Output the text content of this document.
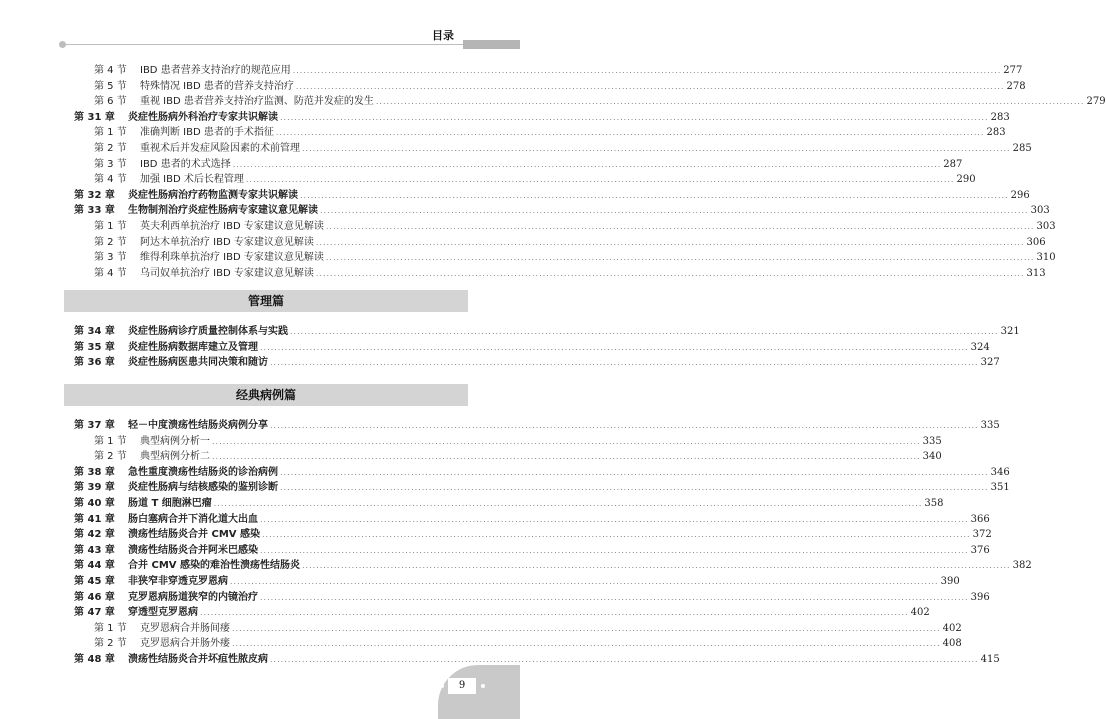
目录
第 4 节	IBD 患者营养支持治疗的规范应用 ........................................................................................................................................................................................................ 277
第 5 节	特殊情况 IBD 患者的营养支持治疗 ........................................................................................................................................................................................................ 278
第 6 节	重视 IBD 患者营养支持治疗监测、防范并发症的发生 ........................................................................................................................................................................................................ 279
第 31 章	炎症性肠病外科治疗专家共识解读 ........................................................................................................................................................................................................ 283
第 1 节	准确判断 IBD 患者的手术指征 ........................................................................................................................................................................................................ 283
第 2 节	重视术后并发症风险因素的术前管理 ........................................................................................................................................................................................................ 285
第 3 节	IBD 患者的术式选择 ........................................................................................................................................................................................................ 287
第 4 节	加强 IBD 术后长程管理 ........................................................................................................................................................................................................ 290
第 32 章	炎症性肠病治疗药物监测专家共识解读 ........................................................................................................................................................................................................ 296
第 33 章	生物制剂治疗炎症性肠病专家建议意见解读 ........................................................................................................................................................................................................ 303
第 1 节	英夫利西单抗治疗 IBD 专家建议意见解读 ........................................................................................................................................................................................................ 303
第 2 节	阿达木单抗治疗 IBD 专家建议意见解读 ........................................................................................................................................................................................................ 306
第 3 节	维得利珠单抗治疗 IBD 专家建议意见解读 ........................................................................................................................................................................................................ 310
第 4 节	乌司奴单抗治疗 IBD 专家建议意见解读 ........................................................................................................................................................................................................ 313
管理篇
第 34 章	炎症性肠病诊疗质量控制体系与实践 ........................................................................................................................................................................................................ 321
第 35 章	炎症性肠病数据库建立及管理 ........................................................................................................................................................................................................ 324
第 36 章	炎症性肠病医患共同决策和随访 ........................................................................................................................................................................................................ 327
经典病例篇
第 37 章	轻－中度溃疡性结肠炎病例分享 ........................................................................................................................................................................................................ 335
第 1 节	典型病例分析一 ........................................................................................................................................................................................................ 335
第 2 节	典型病例分析二 ........................................................................................................................................................................................................ 340
第 38 章	急性重度溃疡性结肠炎的诊治病例 ........................................................................................................................................................................................................ 346
第 39 章	炎症性肠病与结核感染的鉴别诊断 ........................................................................................................................................................................................................ 351
第 40 章	肠道 T 细胞淋巴瘤 ........................................................................................................................................................................................................ 358
第 41 章	肠白塞病合并下消化道大出血 ........................................................................................................................................................................................................ 366
第 42 章	溃疡性结肠炎合并 CMV 感染 ........................................................................................................................................................................................................ 372
第 43 章	溃疡性结肠炎合并阿米巴感染 ........................................................................................................................................................................................................ 376
第 44 章	合并 CMV 感染的难治性溃疡性结肠炎 ........................................................................................................................................................................................................ 382
第 45 章	非狭窄非穿透克罗恩病 ........................................................................................................................................................................................................ 390
第 46 章	克罗恩病肠道狭窄的内镜治疗 ........................................................................................................................................................................................................ 396
第 47 章	穿透型克罗恩病 ........................................................................................................................................................................................................ 402
第 1 节	克罗恩病合并肠间瘘 ........................................................................................................................................................................................................ 402
第 2 节	克罗恩病合并肠外瘘 ........................................................................................................................................................................................................ 408
第 48 章	溃疡性结肠炎合并坏疽性脓皮病 ........................................................................................................................................................................................................ 415
9
